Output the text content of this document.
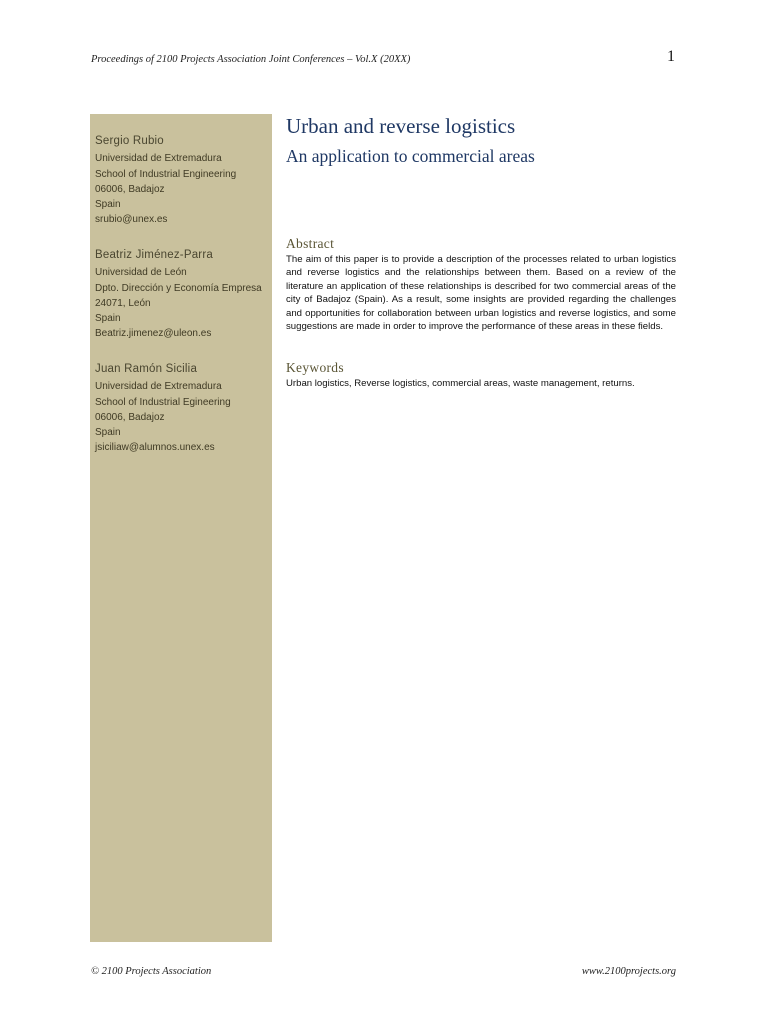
Proceedings of 2100 Projects Association Joint Conferences – Vol.X (20XX)	1
Sergio Rubio
Universidad de Extremadura
School of Industrial Engineering
06006, Badajoz
Spain
srubio@unex.es
Beatriz Jiménez-Parra
Universidad de León
Dpto. Dirección y Economía Empresa
24071, León
Spain
Beatriz.jimenez@uleon.es
Juan Ramón Sicilia
Universidad de Extremadura
School of Industrial Egineering
06006, Badajoz
Spain
jsiciliaw@alumnos.unex.es
Urban and reverse logistics
An application to commercial areas
Abstract
The aim of this paper is to provide a description of the processes related to urban logistics and reverse logistics and the relationships between them. Based on a review of the literature an application of these relationships is described for two commercial areas of the city of Badajoz (Spain). As a result, some insights are provided regarding the challenges and opportunities for collaboration between urban logistics and reverse logistics, and some suggestions are made in order to improve the performance of these areas in these fields.
Keywords
Urban logistics, Reverse logistics, commercial areas, waste management, returns.
© 2100 Projects Association	www.2100projects.org
